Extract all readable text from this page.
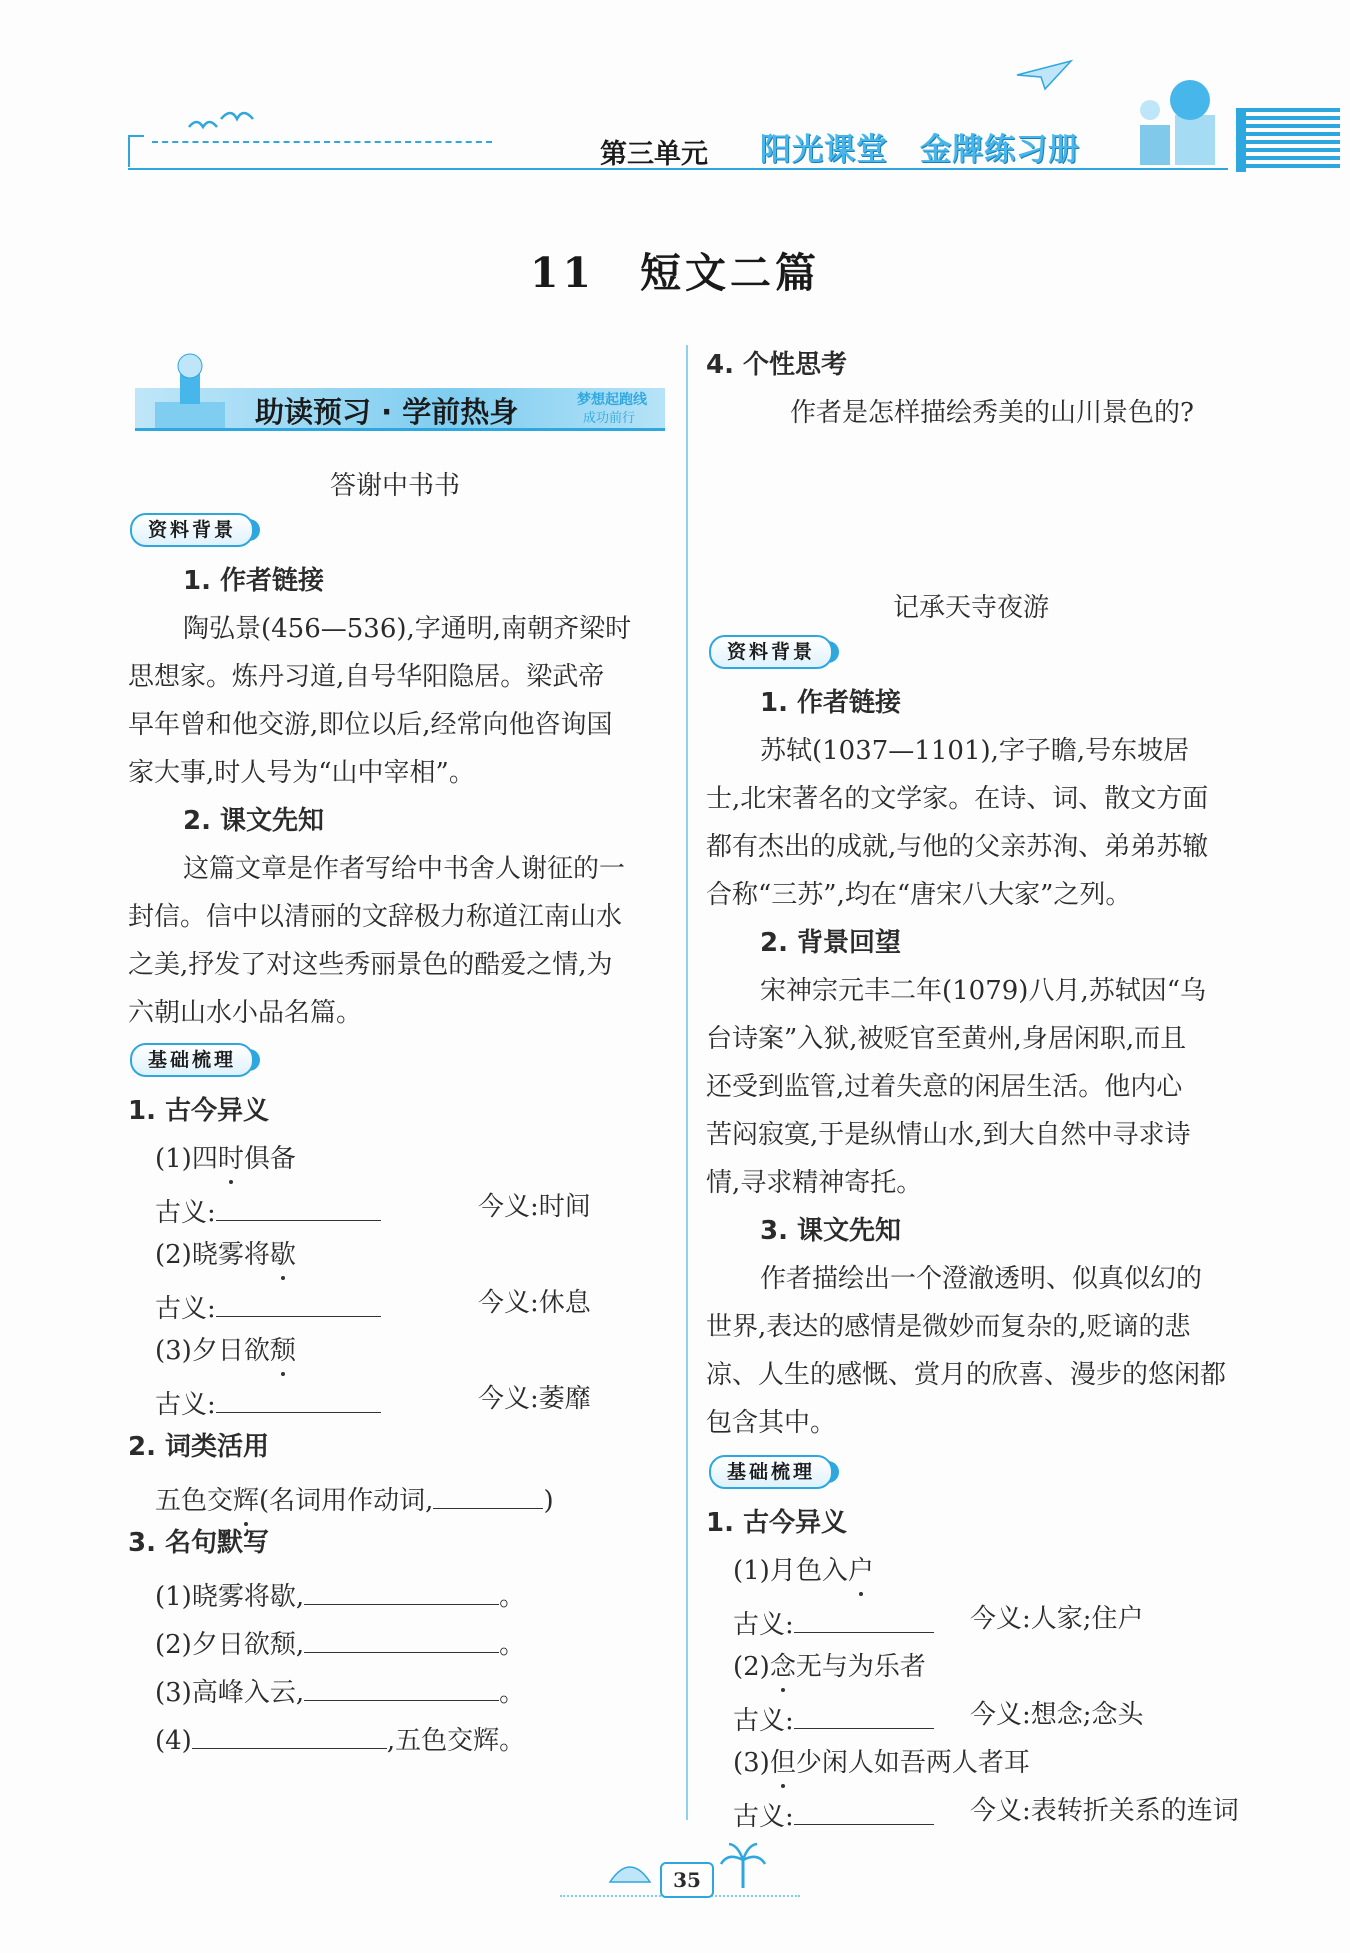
第三单元 阳光课堂　金牌练习册
11　短文二篇
助读预习 · 学前热身	梦想起跑线
成功前行
答谢中书书
资料背景
1. 作者链接
陶弘景(456—536),字通明,南朝齐梁时
思想家。炼丹习道,自号华阳隐居。梁武帝
早年曾和他交游,即位以后,经常向他咨询国
家大事,时人号为“山中宰相”。
2. 课文先知
这篇文章是作者写给中书舍人谢征的一
封信。信中以清丽的文辞极力称道江南山水
之美,抒发了对这些秀丽景色的酷爱之情,为
六朝山水小品名篇。
基础梳理
1. 古今异义
(1)四时俱备
古义:	今义:时间
(2)晓雾将歇
古义:	今义:休息
(3)夕日欲颓
古义:	今义:萎靡
2. 词类活用
五色交辉(名词用作动词,	)
3. 名句默写
(1)晓雾将歇,	。
(2)夕日欲颓,	。
(3)高峰入云,	。
(4)	,五色交辉。
4. 个性思考
作者是怎样描绘秀美的山川景色的?
记承天寺夜游
资料背景
1. 作者链接
苏轼(1037—1101),字子瞻,号东坡居
士,北宋著名的文学家。在诗、词、散文方面
都有杰出的成就,与他的父亲苏洵、弟弟苏辙
合称“三苏”,均在“唐宋八大家”之列。
2. 背景回望
宋神宗元丰二年(1079)八月,苏轼因“乌
台诗案”入狱,被贬官至黄州,身居闲职,而且
还受到监管,过着失意的闲居生活。他内心
苦闷寂寞,于是纵情山水,到大自然中寻求诗
情,寻求精神寄托。
3. 课文先知
作者描绘出一个澄澈透明、似真似幻的
世界,表达的感情是微妙而复杂的,贬谪的悲
凉、人生的感慨、赏月的欣喜、漫步的悠闲都
包含其中。
基础梳理
1. 古今异义
(1)月色入户
古义:	今义:人家;住户
(2)念无与为乐者
古义:	今义:想念;念头
(3)但少闲人如吾两人者耳
古义:	今义:表转折关系的连词
35
